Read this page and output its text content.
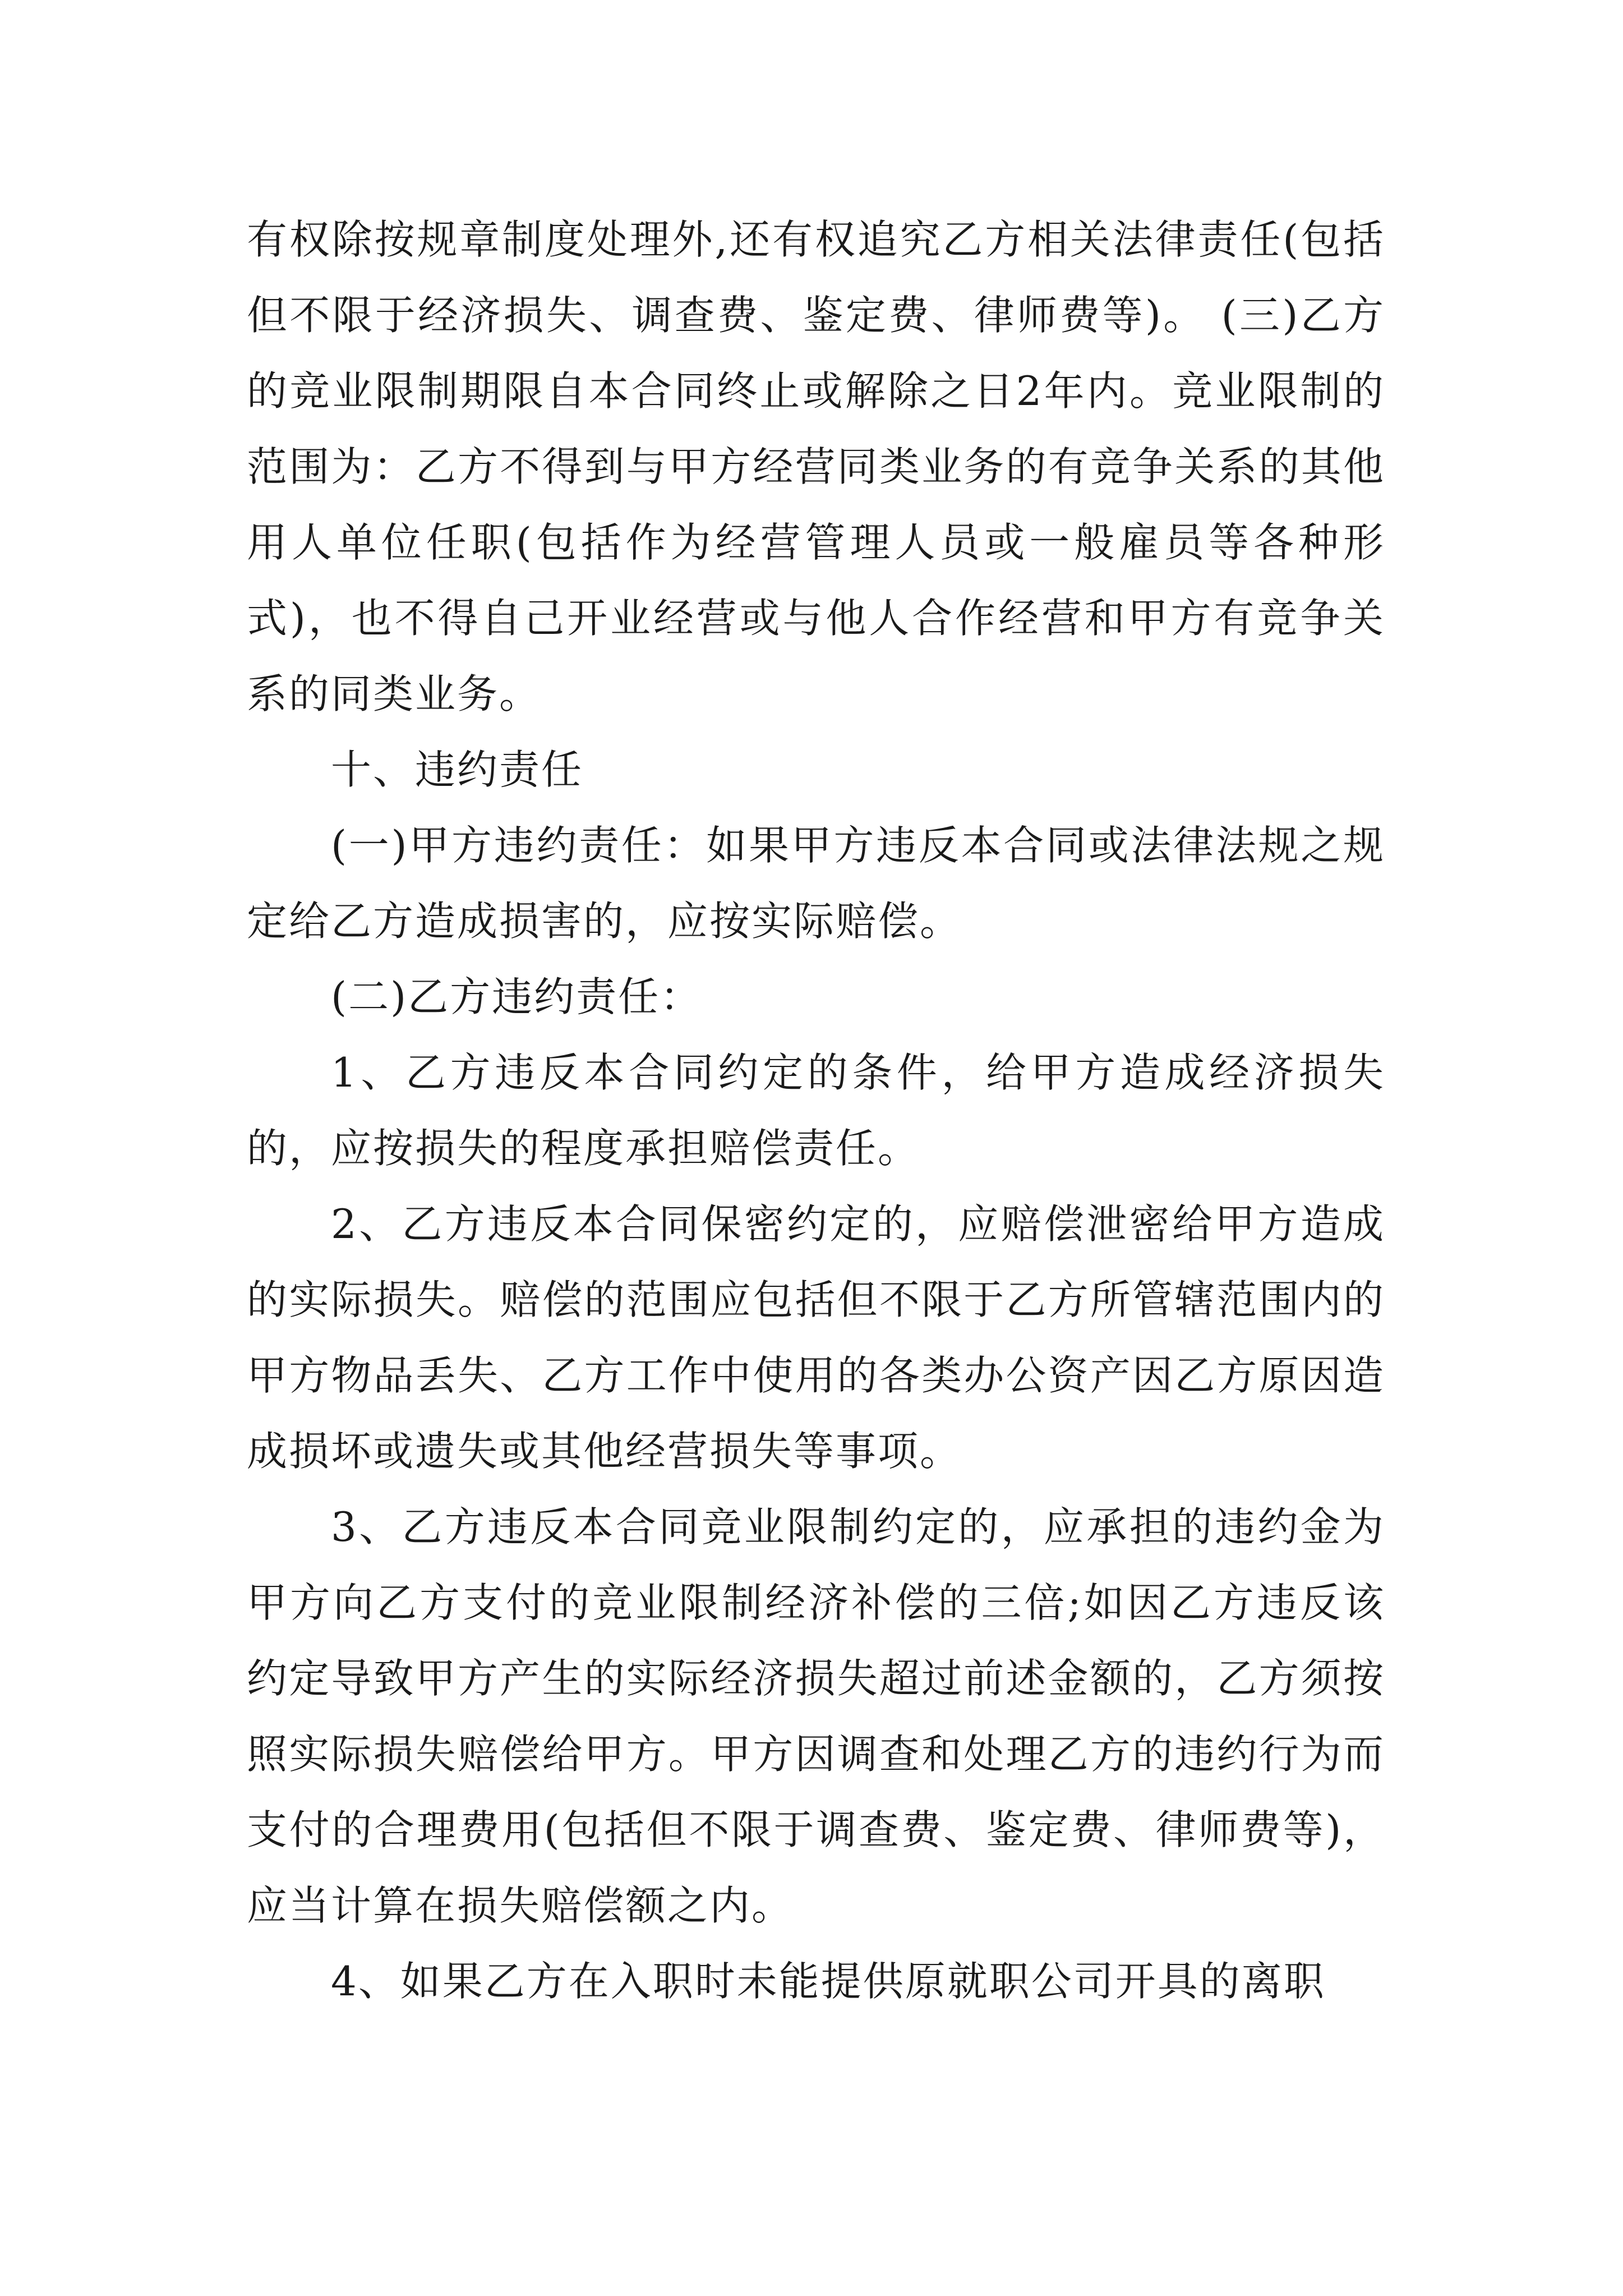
有权除按规章制度处理外,还有权追究乙方相关法律责任(包括但不限于经济损失、调查费、鉴定费、律师费等)。 (三)乙方的竞业限制期限自本合同终止或解除之日2年内。竞业限制的范围为：乙方不得到与甲方经营同类业务的有竞争关系的其他用人单位任职(包括作为经营管理人员或一般雇员等各种形式)，也不得自己开业经营或与他人合作经营和甲方有竞争关系的同类业务。

十、违约责任

(一)甲方违约责任：如果甲方违反本合同或法律法规之规定给乙方造成损害的，应按实际赔偿。

(二)乙方违约责任：

1、乙方违反本合同约定的条件，给甲方造成经济损失的，应按损失的程度承担赔偿责任。

2、乙方违反本合同保密约定的，应赔偿泄密给甲方造成的实际损失。赔偿的范围应包括但不限于乙方所管辖范围内的甲方物品丢失、乙方工作中使用的各类办公资产因乙方原因造成损坏或遗失或其他经营损失等事项。

3、乙方违反本合同竞业限制约定的，应承担的违约金为甲方向乙方支付的竞业限制经济补偿的三倍;如因乙方违反该约定导致甲方产生的实际经济损失超过前述金额的，乙方须按照实际损失赔偿给甲方。甲方因调查和处理乙方的违约行为而支付的合理费用(包括但不限于调查费、鉴定费、律师费等)，应当计算在损失赔偿额之内。

4、如果乙方在入职时未能提供原就职公司开具的离职
